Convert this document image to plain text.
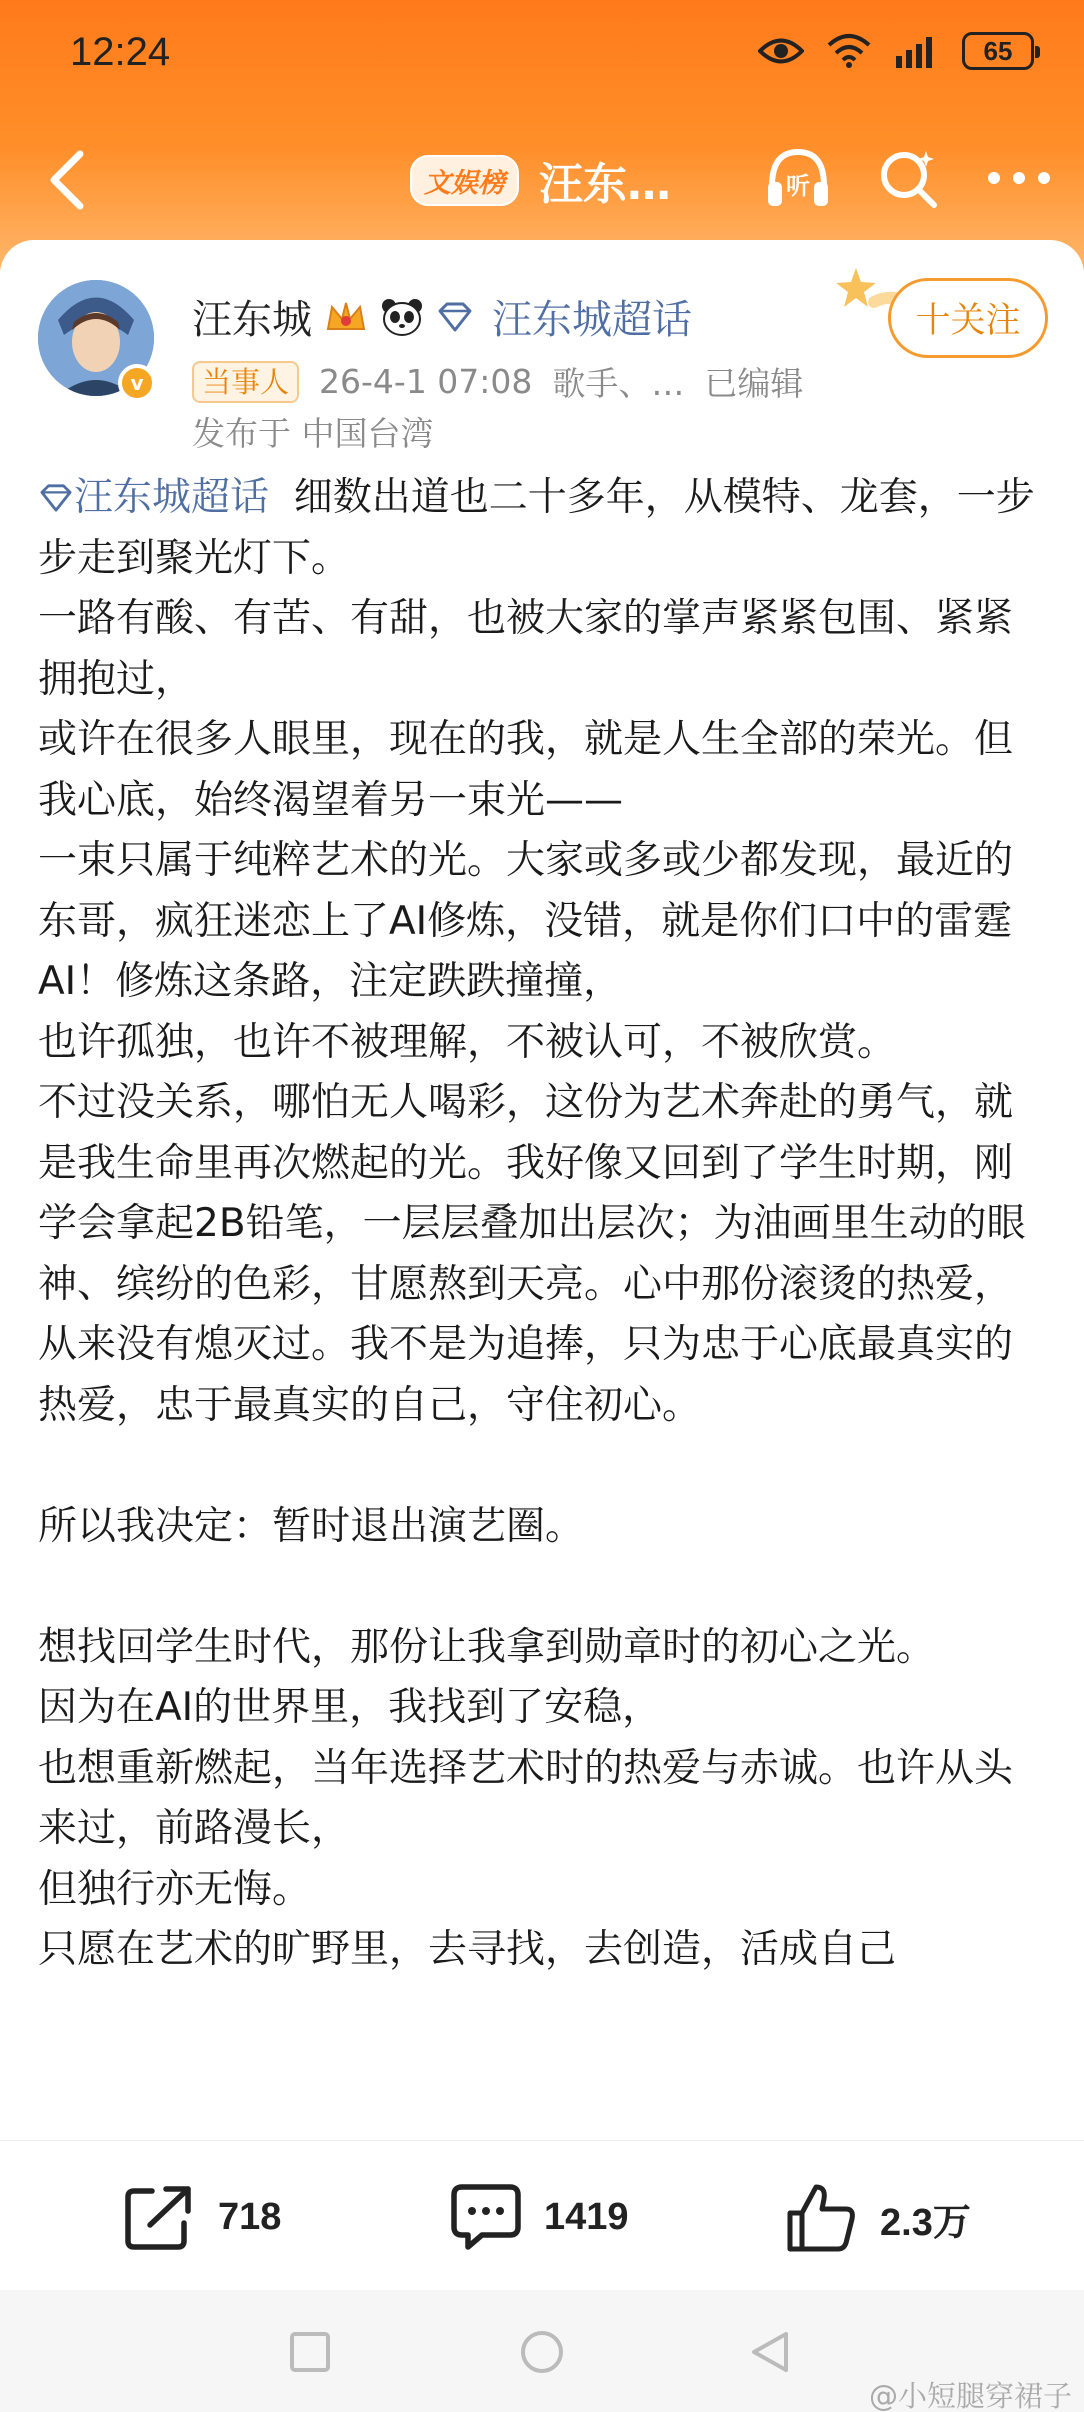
12:24	65
文娱榜 汪东…	听
v
汪东城	汪东城超话	十关注
当事人 26-4-1 07:08 歌手、… 已编辑
发布于 中国台湾
汪东城超话  细数出道也二十多年，从模特、龙套，一步步走到聚光灯下。
一路有酸、有苦、有甜，也被大家的掌声紧紧包围、紧紧拥抱过，
或许在很多人眼里，现在的我，就是人生全部的荣光。但我心底，始终渴望着另一束光——
一束只属于纯粹艺术的光。大家或多或少都发现，最近的东哥，疯狂迷恋上了AI修炼，没错，就是你们口中的雷霆AI！修炼这条路，注定跌跌撞撞，
也许孤独，也许不被理解，不被认可，不被欣赏。
不过没关系，哪怕无人喝彩，这份为艺术奔赴的勇气，就是我生命里再次燃起的光。我好像又回到了学生时期，刚学会拿起2B铅笔，一层层叠加出层次；为油画里生动的眼神、缤纷的色彩，甘愿熬到天亮。心中那份滚烫的热爱，从来没有熄灭过。我不是为追捧，只为忠于心底最真实的热爱，忠于最真实的自己，守住初心。

所以我决定：暂时退出演艺圈。

想找回学生时代，那份让我拿到勋章时的初心之光。
因为在AI的世界里，我找到了安稳，
也想重新燃起，当年选择艺术时的热爱与赤诚。也许从头来过，前路漫长，
但独行亦无悔。
只愿在艺术的旷野里，去寻找，去创造，活成自己
718	1419	2.3万
@小短腿穿裙子
